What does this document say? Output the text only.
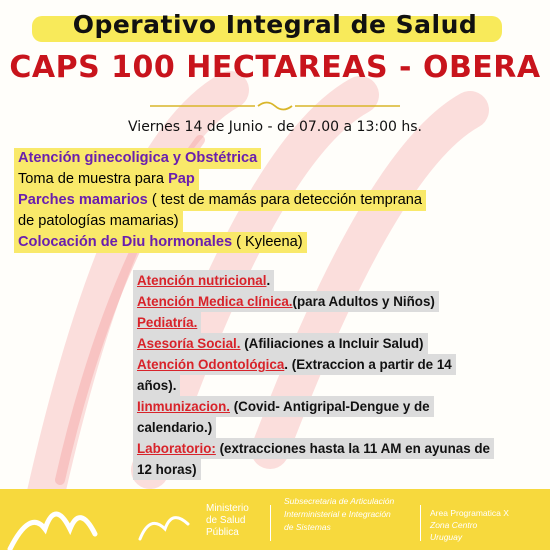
Operativo Integral de Salud
CAPS 100 HECTAREAS - OBERA
Viernes 14 de Junio - de 07.00 a 13:00 hs.
Atención ginecoligica y Obstétrica
Toma de muestra para Pap
Parches mamarios ( test de mamás para detección temprana
de patologías mamarias)
Colocación de Diu hormonales ( Kyleena)
Atención nutricional.
Atención Medica clínica.(para Adultos y Niños)
Pediatría.
Asesoría Social. (Afiliaciones a Incluir Salud)
Atención Odontológica. (Extraccion a partir de 14
años).
Iinmunizacion. (Covid- Antigripal-Dengue y de
calendario.)
Laboratorio: (extracciones hasta la 11 AM en ayunas de
12 horas)
Ministerio
de Salud
Pública
Subsecretaria de Articulación
Interministerial e Integración
de Sistemas
Area Programatica X
Zona Centro
Uruguay
